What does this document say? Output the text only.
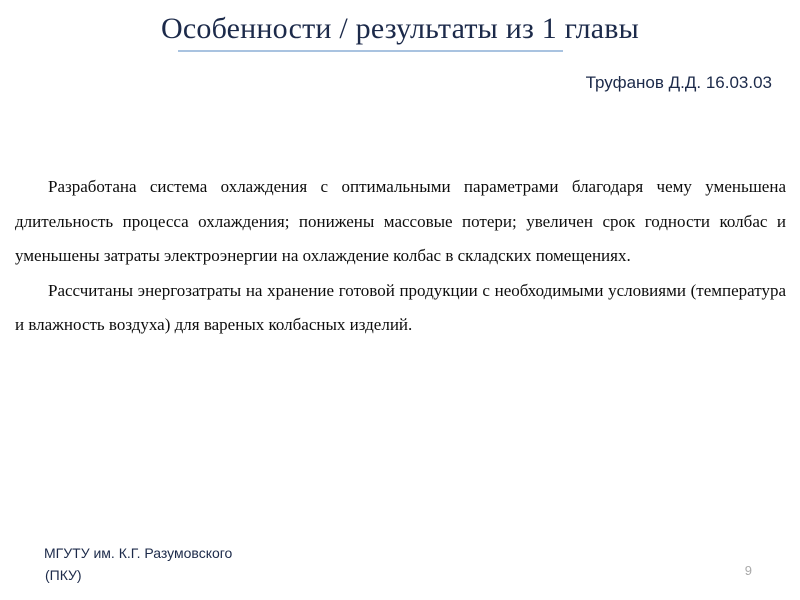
Особенности / результаты из 1 главы
Труфанов Д.Д. 16.03.03

Разработана система охлаждения с оптимальными параметрами благодаря чему уменьшена длительность процесса охлаждения; понижены массовые потери; увеличен срок годности колбас и уменьшены затраты электроэнергии на охлаждение колбас в складских помещениях.

Рассчитаны энергозатраты на хранение готовой продукции с необходимыми условиями (температура и влажность воздуха) для вареных колбасных изделий.

МГУТУ им. К.Г. Разумовского
(ПКУ)	9
